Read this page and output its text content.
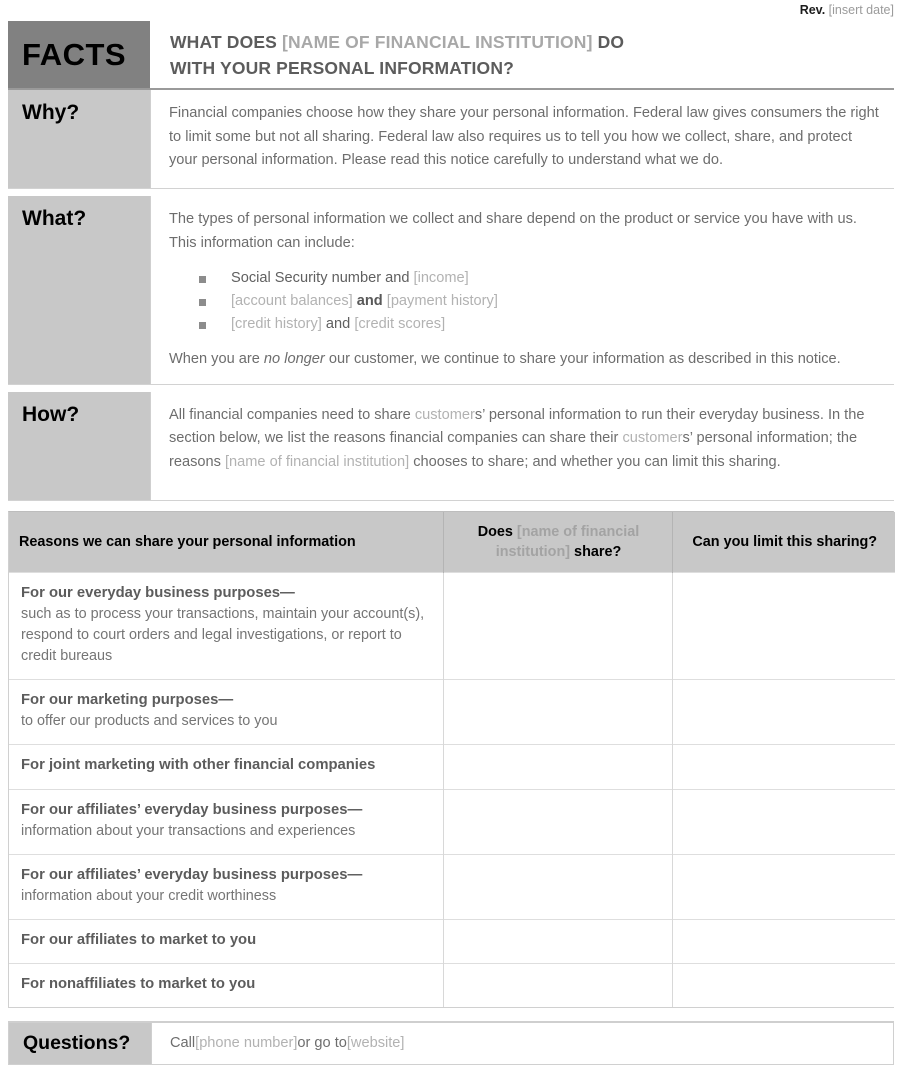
Rev. [insert date]
FACTS	WHAT DOES [NAME OF FINANCIAL INSTITUTION] DO
WITH YOUR PERSONAL INFORMATION?
Why?	Financial companies choose how they share your personal information. Federal law gives consumers the right to limit some but not all sharing. Federal law also requires us to tell you how we collect, share, and protect your personal information. Please read this notice carefully to understand what we do.

What?	The types of personal information we collect and share depend on the product or service you have with us. This information can include:

Social Security number and [income]
[account balances] and [payment history]
[credit history] and [credit scores]

When you are no longer our customer, we continue to share your information as described in this notice.

How?	All financial companies need to share customers’ personal information to run their everyday business. In the section below, we list the reasons financial companies can share their customers’ personal information; the reasons [name of financial institution] chooses to share; and whether you can limit this sharing.

Reasons we can share your personal information	Does [name of financial institution] share?	Can you limit this sharing?

For our everyday business purposes—
such as to process your transactions, maintain your account(s), respond to court orders and legal investigations, or report to credit bureaus		

For our marketing purposes—
to offer our products and services to you		

For joint marketing with other financial companies		

For our affiliates’ everyday business purposes—
information about your transactions and experiences		

For our affiliates’ everyday business purposes—
information about your credit worthiness		

For our affiliates to market to you		

For nonaffiliates to market to you		

Questions?	Call [phone number] or go to [website]
